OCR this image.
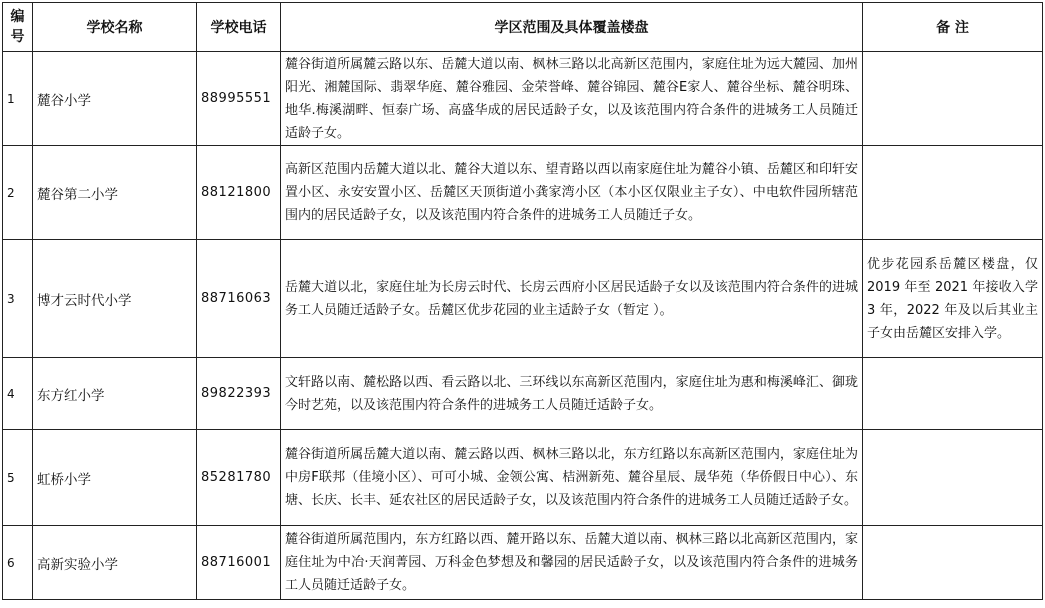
编号	学校名称	学校电话	学区范围及具体覆盖楼盘	备 注
1	麓谷小学	88995551	麓谷街道所属麓云路以东、岳麓大道以南、枫林三路以北高新区范围内，家庭住址为远大麓园、加州阳光、湘麓国际、翡翠华庭、麓谷雅园、金荣誉峰、麓谷锦园、麓谷E家人、麓谷坐标、麓谷明珠、地华.梅溪湖畔、恒泰广场、高盛华成的居民适龄子女，以及该范围内符合条件的进城务工人员随迁适龄子女。	
2	麓谷第二小学	88121800	高新区范围内岳麓大道以北、麓谷大道以东、望青路以西以南家庭住址为麓谷小镇、岳麓区和印轩安置小区、永安安置小区、岳麓区天顶街道小龚家湾小区（本小区仅限业主子女）、中电软件园所辖范围内的居民适龄子女，以及该范围内符合条件的进城务工人员随迁子女。	
3	博才云时代小学	88716063	岳麓大道以北，家庭住址为长房云时代、长房云西府小区居民适龄子女以及该范围内符合条件的进城务工人员随迁适龄子女。岳麓区优步花园的业主适龄子女（暂定 ）。	优步花园系岳麓区楼盘，仅 2019 年至 2021 年接收入学 3 年，2022 年及以后其业主子女由岳麓区安排入学。
4	东方红小学	89822393	文轩路以南、麓松路以西、看云路以北、三环线以东高新区范围内，家庭住址为惠和梅溪峰汇、御珑今时艺苑，以及该范围内符合条件的进城务工人员随迁适龄子女。	
5	虹桥小学	85281780	麓谷街道所属岳麓大道以南、麓云路以西、枫林三路以北，东方红路以东高新区范围内，家庭住址为中房F联邦（佳境小区）、可可小城、金领公寓、桔洲新苑、麓谷星辰、晟华苑（华侨假日中心）、东塘、长庆、长丰、延农社区的居民适龄子女，以及该范围内符合条件的进城务工人员随迁适龄子女。	
6	高新实验小学	88716001	麓谷街道所属范围内，东方红路以西、麓开路以东、岳麓大道以南、枫林三路以北高新区范围内，家庭住址为中冶·天润菁园、万科金色梦想及和馨园的居民适龄子女，以及该范围内符合条件的进城务工人员随迁适龄子女。	
